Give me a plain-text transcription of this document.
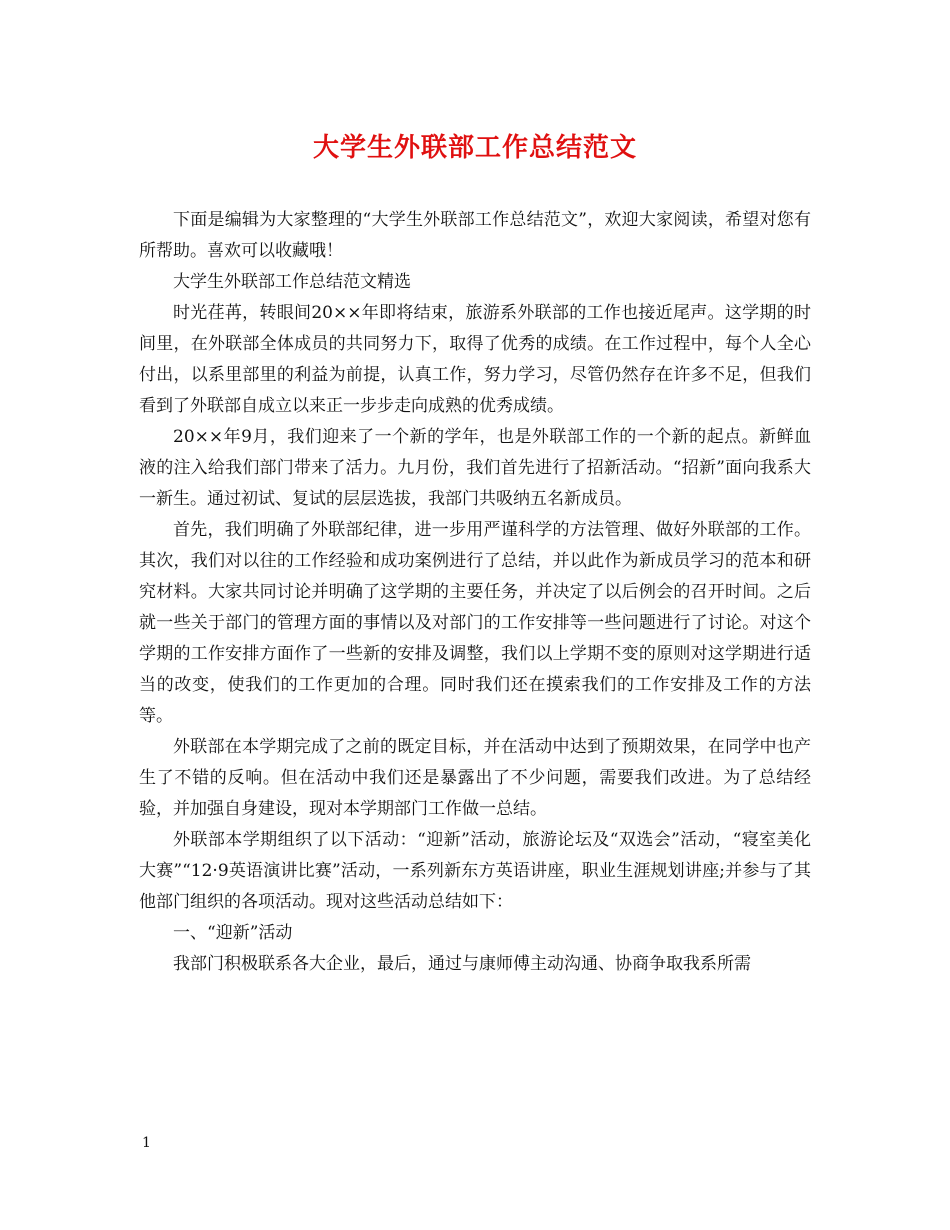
大学生外联部工作总结范文

下面是编辑为大家整理的“大学生外联部工作总结范文”，欢迎大家阅读，希望对您有所帮助。喜欢可以收藏哦！

大学生外联部工作总结范文精选

时光荏苒，转眼间20××年即将结束，旅游系外联部的工作也接近尾声。这学期的时间里，在外联部全体成员的共同努力下，取得了优秀的成绩。在工作过程中，每个人全心付出，以系里部里的利益为前提，认真工作，努力学习，尽管仍然存在许多不足，但我们看到了外联部自成立以来正一步步走向成熟的优秀成绩。

20××年9月，我们迎来了一个新的学年，也是外联部工作的一个新的起点。新鲜血液的注入给我们部门带来了活力。九月份，我们首先进行了招新活动。“招新”面向我系大一新生。通过初试、复试的层层选拔，我部门共吸纳五名新成员。

首先，我们明确了外联部纪律，进一步用严谨科学的方法管理、做好外联部的工作。其次，我们对以往的工作经验和成功案例进行了总结，并以此作为新成员学习的范本和研究材料。大家共同讨论并明确了这学期的主要任务，并决定了以后例会的召开时间。之后就一些关于部门的管理方面的事情以及对部门的工作安排等一些问题进行了讨论。对这个学期的工作安排方面作了一些新的安排及调整，我们以上学期不变的原则对这学期进行适当的改变，使我们的工作更加的合理。同时我们还在摸索我们的工作安排及工作的方法等。

外联部在本学期完成了之前的既定目标，并在活动中达到了预期效果，在同学中也产生了不错的反响。但在活动中我们还是暴露出了不少问题，需要我们改进。为了总结经验，并加强自身建设，现对本学期部门工作做一总结。

外联部本学期组织了以下活动：“迎新”活动，旅游论坛及“双选会”活动，“寝室美化大赛”“12·9英语演讲比赛”活动，一系列新东方英语讲座，职业生涯规划讲座;并参与了其他部门组织的各项活动。现对这些活动总结如下：

一、“迎新”活动

我部门积极联系各大企业，最后，通过与康师傅主动沟通、协商争取我系所需

1
